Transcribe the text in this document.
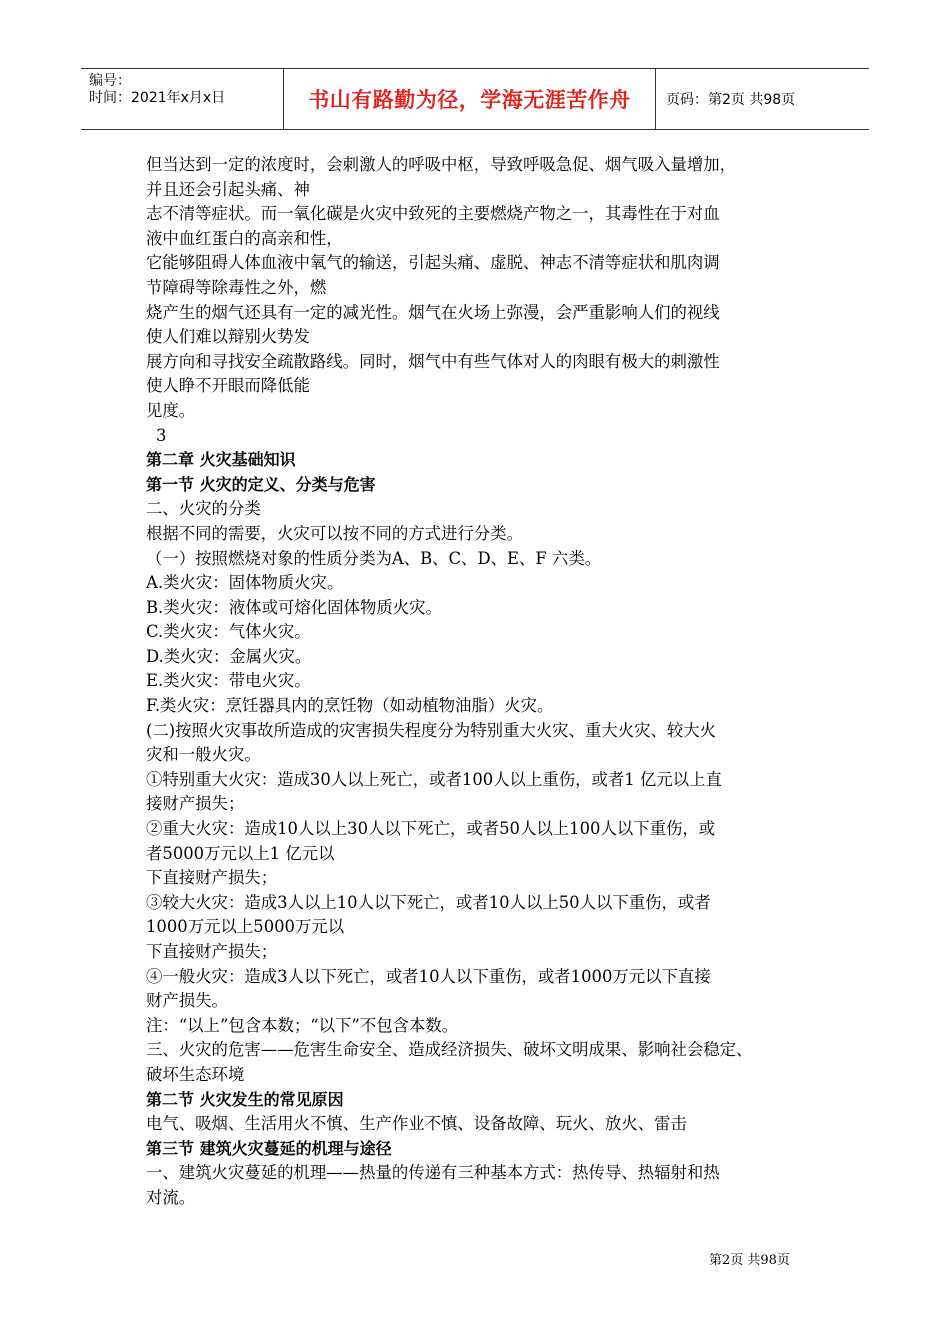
编号：
时间：2021年x月x日	书山有路勤为径，学海无涯苦作舟	页码：第2页 共98页
但当达到一定的浓度时，会刺激人的呼吸中枢，导致呼吸急促、烟气吸入量增加，
并且还会引起头痛、神
志不清等症状。而一氧化碳是火灾中致死的主要燃烧产物之一，其毒性在于对血
液中血红蛋白的高亲和性，
它能够阻碍人体血液中氧气的输送，引起头痛、虚脱、神志不清等症状和肌肉调
节障碍等除毒性之外，燃
烧产生的烟气还具有一定的减光性。烟气在火场上弥漫，会严重影响人们的视线
使人们难以辩别火势发
展方向和寻找安全疏散路线。同时，烟气中有些气体对人的肉眼有极大的刺激性
使人睁不开眼而降低能
见度。
3
第二章 火灾基础知识
第一节 火灾的定义、分类与危害
二、火灾的分类
根据不同的需要，火灾可以按不同的方式进行分类。
（一）按照燃烧对象的性质分类为A、B、C、D、E、F 六类。
A.类火灾：固体物质火灾。
B.类火灾：液体或可熔化固体物质火灾。
C.类火灾：气体火灾。
D.类火灾：金属火灾。
E.类火灾：带电火灾。
F.类火灾：烹饪器具内的烹饪物（如动植物油脂）火灾。
(二)按照火灾事故所造成的灾害损失程度分为特别重大火灾、重大火灾、较大火
灾和一般火灾。
①特别重大火灾：造成30人以上死亡，或者100人以上重伤，或者1 亿元以上直
接财产损失；
②重大火灾：造成10人以上30人以下死亡，或者50人以上100人以下重伤，或
者5000万元以上1 亿元以
下直接财产损失；
③较大火灾：造成3人以上10人以下死亡，或者10人以上50人以下重伤，或者
1000万元以上5000万元以
下直接财产损失；
④一般火灾：造成3人以下死亡，或者10人以下重伤，或者1000万元以下直接
财产损失。
注：“以上”包含本数；“以下”不包含本数。
三、火灾的危害——危害生命安全、造成经济损失、破坏文明成果、影响社会稳定、
破坏生态环境
第二节 火灾发生的常见原因
电气、吸烟、生活用火不慎、生产作业不慎、设备故障、玩火、放火、雷击
第三节 建筑火灾蔓延的机理与途径
一、建筑火灾蔓延的机理——热量的传递有三种基本方式：热传导、热辐射和热
对流。
第2页 共98页
